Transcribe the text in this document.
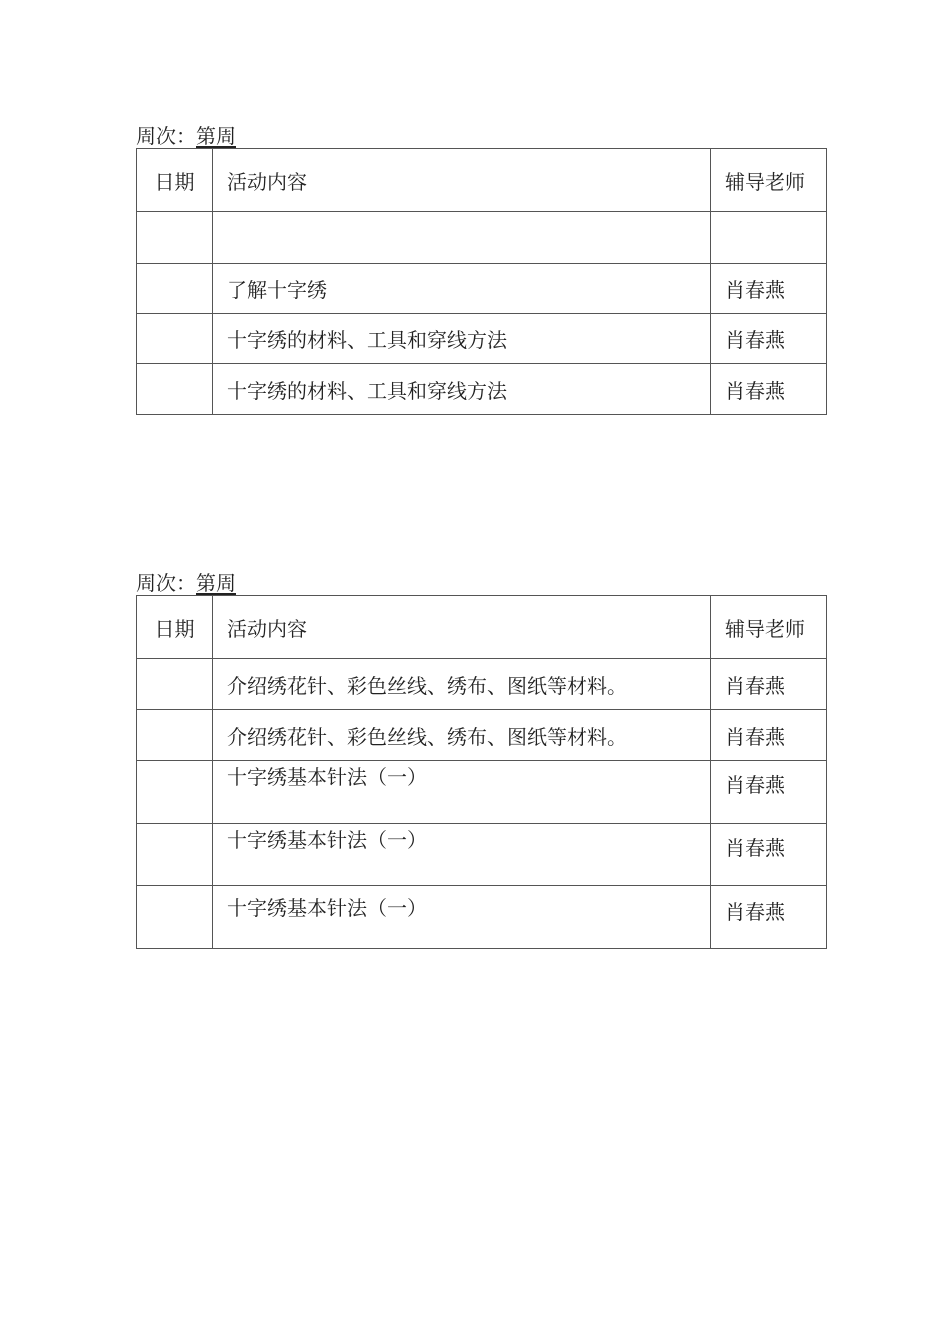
周次：第周
日期	活动内容	辅导老师

	了解十字绣	肖春燕
	十字绣的材料、工具和穿线方法	肖春燕
	十字绣的材料、工具和穿线方法	肖春燕
周次：第周
日期	活动内容	辅导老师
	介绍绣花针、彩色丝线、绣布、图纸等材料。	肖春燕
	介绍绣花针、彩色丝线、绣布、图纸等材料。	肖春燕
	十字绣基本针法（一）	肖春燕
	十字绣基本针法（一）	肖春燕
	十字绣基本针法（一）	肖春燕
